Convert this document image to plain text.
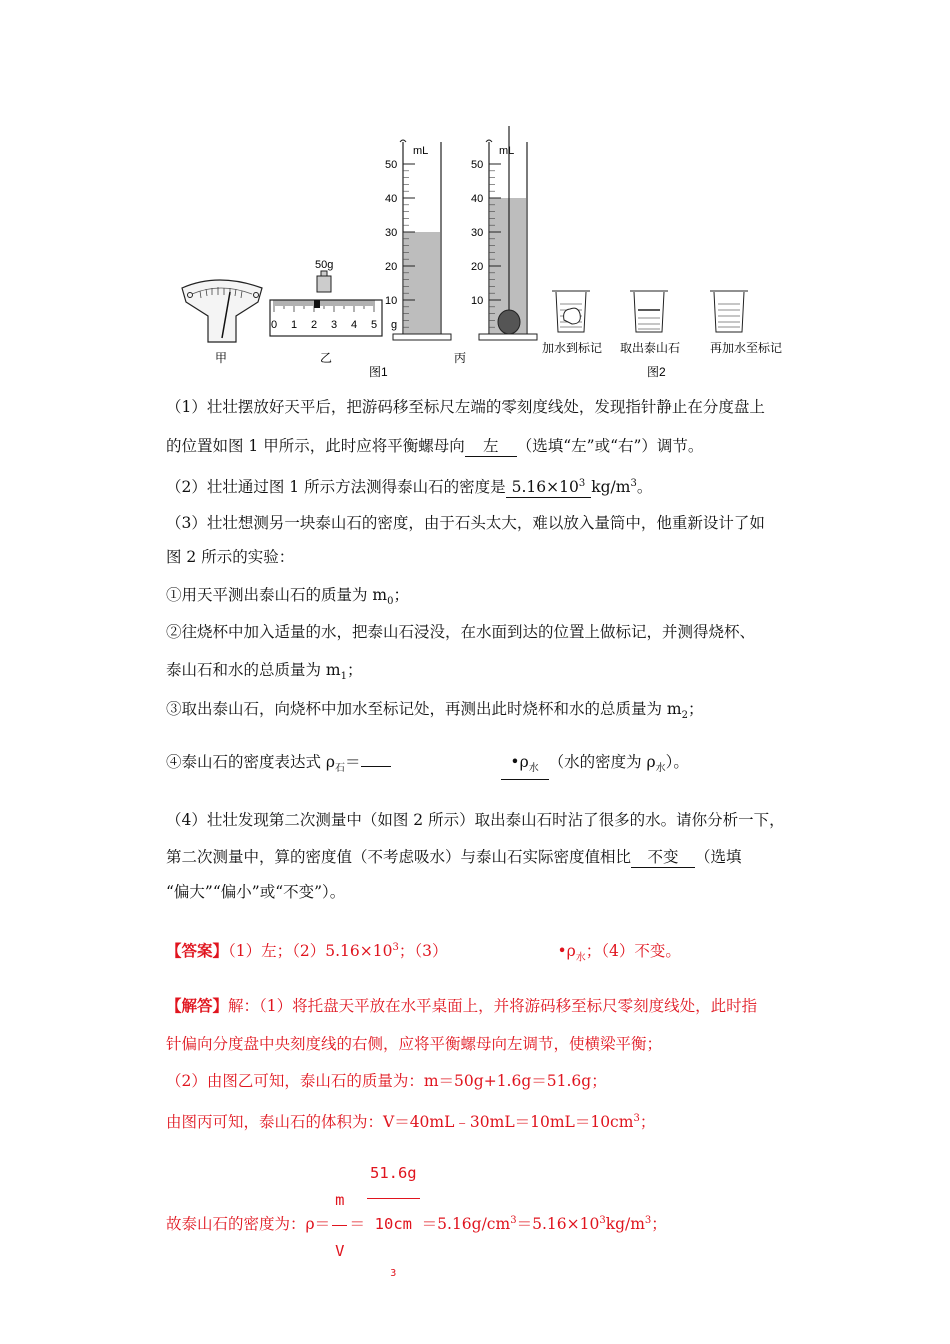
甲
50g
0 1 2 3 4 5 g
乙
mL
50
40
30
20
10
图1
mL
50
40
30
20
10
丙
加水到标记 取出泰山石 再加水至标记
图2
（1）壮壮摆放好天平后，把游码移至标尺左端的零刻度线处，发现指针静止在分度盘上
的位置如图 1 甲所示，此时应将平衡螺母向 左 （选填“左”或“右”）调节。
（2）壮壮通过图 1 所示方法测得泰山石的密度是 $5.16\times 10^3$ $kg/m^3$。
（3）壮壮想测另一块泰山石的密度，由于石头太大，难以放入量筒中，他重新设计了如
图 2 所示的实验：
①用天平测出泰山石的质量为 $m_0$；
②往烧杯中加入适量的水，把泰山石浸没，在水面到达的位置上做标记，并测得烧杯、
泰山石和水的总质量为 $m_1$；
③取出泰山石，向烧杯中加水至标记处，再测出此时烧杯和水的总质量为 $m_2$；
④泰山石的密度表达式 $\rho_石=$	$•\rho_水$ （水的密度为 $\rho_水$）。
（4）壮壮发现第二次测量中（如图 2 所示）取出泰山石时沾了很多的水。请你分析一下，
第二次测量中，算的密度值（不考虑吸水）与泰山石实际密度值相比 不变 （选填
“偏大”“偏小”或“不变”）。
【答案】（1）左；$(2)5.16\times 10^3$；（3）	$•\rho_水$；（4）不变。
【解答】解：（1）将托盘天平放在水平桌面上，并将游码移至标尺零刻度线处，此时指
针偏向分度盘中央刻度线的右侧，应将平衡螺母向左调节，使横梁平衡；
（2）由图乙可知，泰山石的质量为：m＝50g+1.6g＝51.6g；
由图丙可知，泰山石的体积为：$V=40mL﹣30mL=10mL=10cm^3$；
故泰山石的密度为：$\rho= \frac{m}{V} = 51.6g$
10cm
$^3 =5.16g/cm^3=5.16\times 10^3kg/m^3$；
